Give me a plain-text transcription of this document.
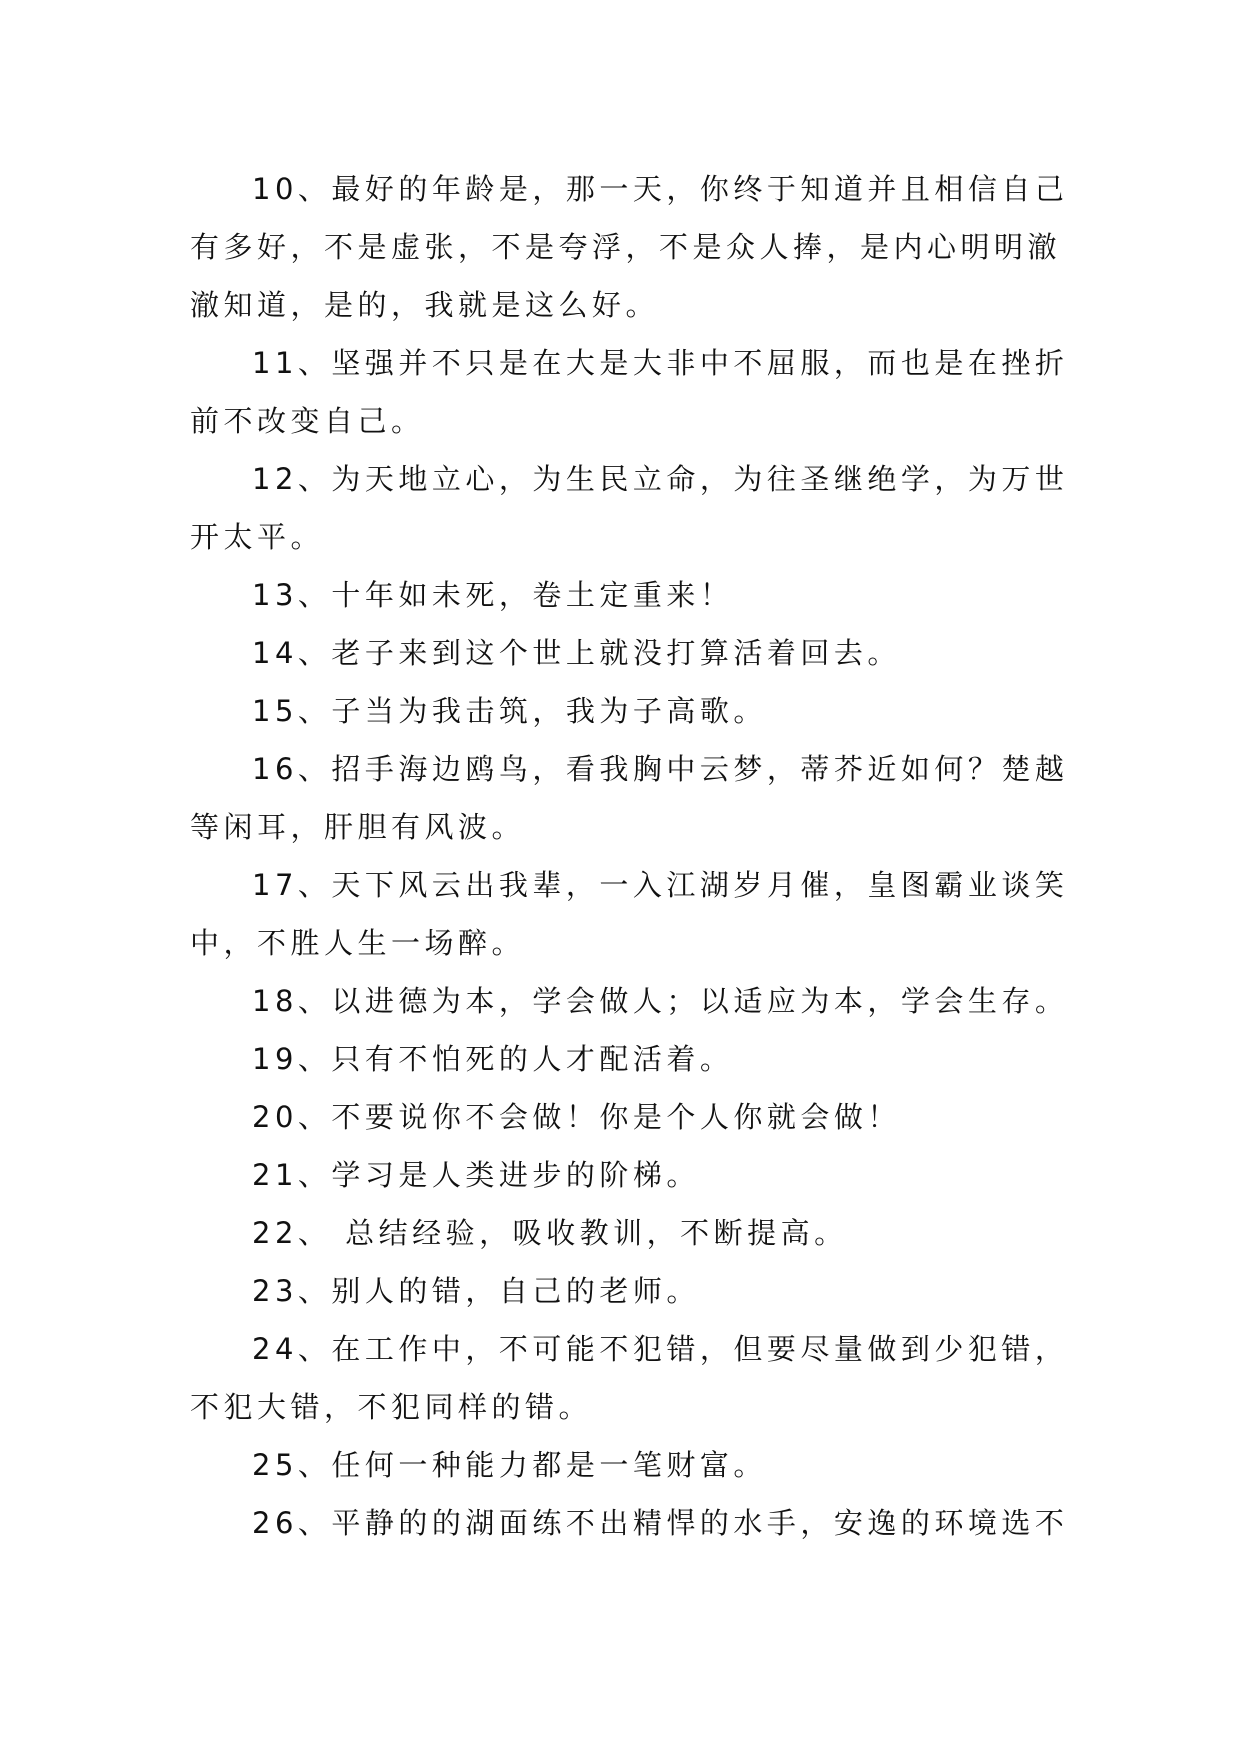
10、最好的年龄是，那一天，你终于知道并且相信自己有多好，不是虚张，不是夸浮，不是众人捧，是内心明明澈澈知道，是的，我就是这么好。

11、坚强并不只是在大是大非中不屈服，而也是在挫折前不改变自己。

12、为天地立心，为生民立命，为往圣继绝学，为万世开太平。

13、十年如未死，卷土定重来！

14、老子来到这个世上就没打算活着回去。

15、子当为我击筑，我为子高歌。

16、招手海边鸥鸟，看我胸中云梦，蒂芥近如何？楚越等闲耳，肝胆有风波。

17、天下风云出我辈，一入江湖岁月催，皇图霸业谈笑中，不胜人生一场醉。

18、以进德为本，学会做人；以适应为本，学会生存。

19、只有不怕死的人才配活着。

20、不要说你不会做！你是个人你就会做！

21、学习是人类进步的阶梯。

22、 总结经验，吸收教训，不断提高。

23、别人的错，自己的老师。

24、在工作中，不可能不犯错，但要尽量做到少犯错，不犯大错，不犯同样的错。

25、任何一种能力都是一笔财富。

26、平静的的湖面练不出精悍的水手，安逸的环境选不
